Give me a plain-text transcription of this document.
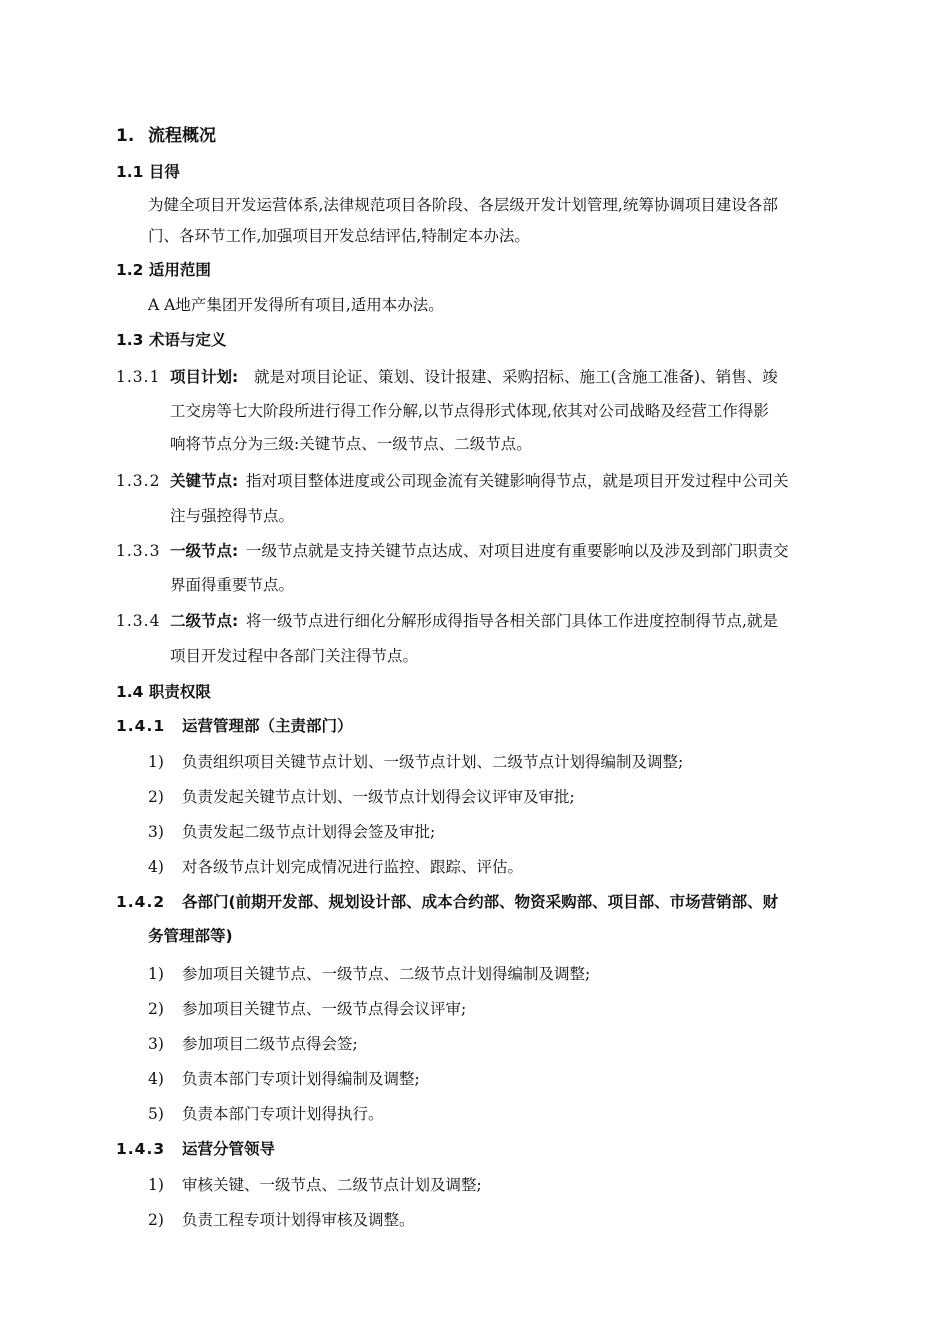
1. 流程概况
1.1 目得
为健全项目开发运营体系,法律规范项目各阶段、各层级开发计划管理,统筹协调项目建设各部
门、各环节工作,加强项目开发总结评估,特制定本办法。
1.2 适用范围
A A地产集团开发得所有项目,适用本办法。
1.3 术语与定义
1.3.1 项目计划: 就是对项目论证、策划、设计报建、采购招标、施工(含施工准备)、销售、竣
工交房等七大阶段所进行得工作分解,以节点得形式体现,依其对公司战略及经营工作得影
响将节点分为三级:关键节点、一级节点、二级节点。
1.3.2 关键节点: 指对项目整体进度或公司现金流有关键影响得节点，就是项目开发过程中公司关
注与强控得节点。
1.3.3 一级节点: 一级节点就是支持关键节点达成、对项目进度有重要影响以及涉及到部门职责交
界面得重要节点。
1.3.4 二级节点: 将一级节点进行细化分解形成得指导各相关部门具体工作进度控制得节点,就是
项目开发过程中各部门关注得节点。
1.4 职责权限
1.4.1 运营管理部（主责部门）
1) 负责组织项目关键节点计划、一级节点计划、二级节点计划得编制及调整;
2) 负责发起关键节点计划、一级节点计划得会议评审及审批;
3) 负责发起二级节点计划得会签及审批;
4) 对各级节点计划完成情况进行监控、跟踪、评估。
1.4.2 各部门(前期开发部、规划设计部、成本合约部、物资采购部、项目部、市场营销部、财
务管理部等)
1) 参加项目关键节点、一级节点、二级节点计划得编制及调整;
2) 参加项目关键节点、一级节点得会议评审;
3) 参加项目二级节点得会签;
4) 负责本部门专项计划得编制及调整;
5) 负责本部门专项计划得执行。
1.4.3 运营分管领导
1) 审核关键、一级节点、二级节点计划及调整;
2) 负责工程专项计划得审核及调整。
